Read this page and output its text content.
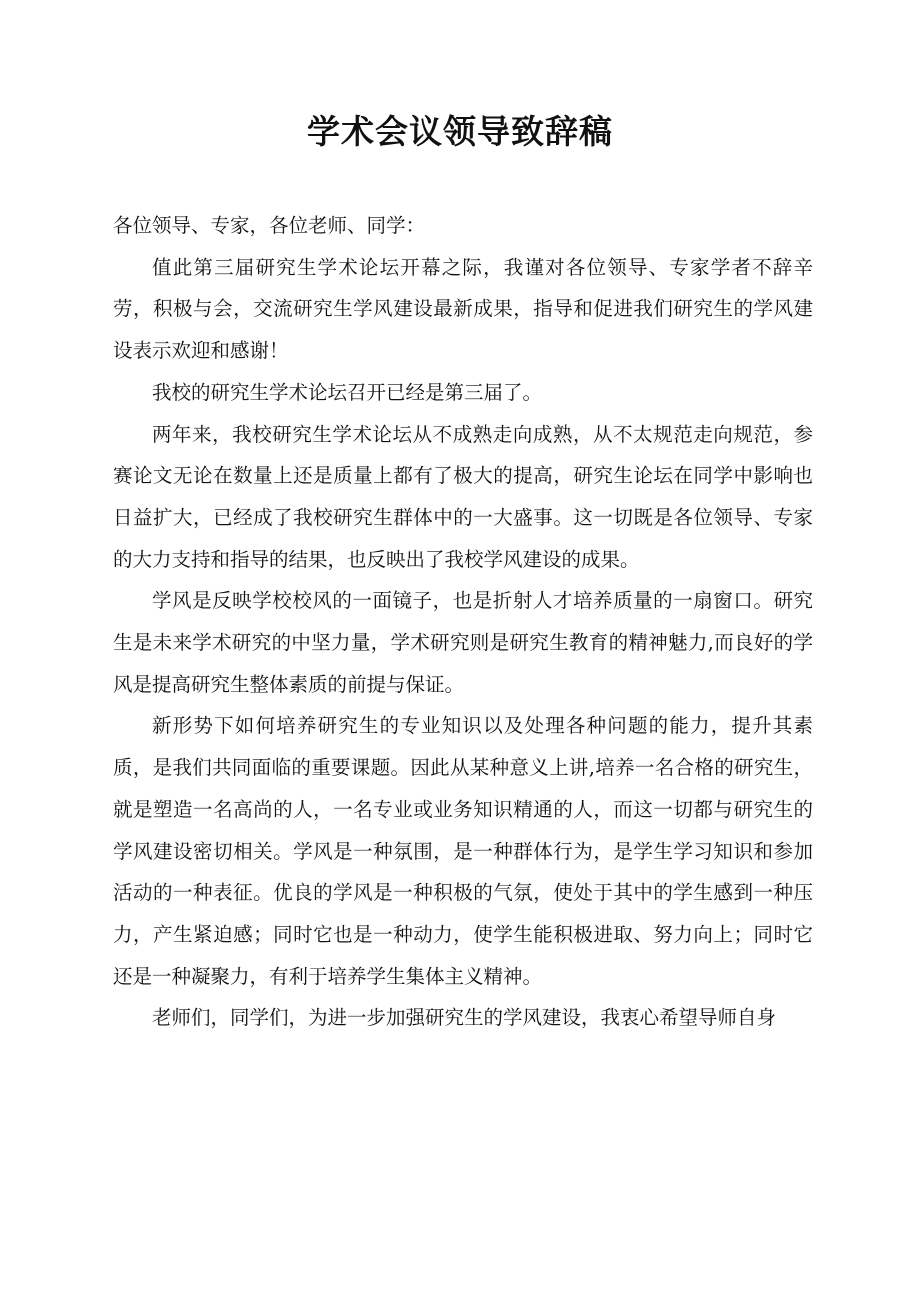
学术会议领导致辞稿

各位领导、专家，各位老师、同学：

值此第三届研究生学术论坛开幕之际，我谨对各位领导、专家学者不辞辛劳，积极与会，交流研究生学风建设最新成果，指导和促进我们研究生的学风建设表示欢迎和感谢！

我校的研究生学术论坛召开已经是第三届了。

两年来，我校研究生学术论坛从不成熟走向成熟，从不太规范走向规范，参赛论文无论在数量上还是质量上都有了极大的提高，研究生论坛在同学中影响也日益扩大，已经成了我校研究生群体中的一大盛事。这一切既是各位领导、专家的大力支持和指导的结果，也反映出了我校学风建设的成果。

学风是反映学校校风的一面镜子，也是折射人才培养质量的一扇窗口。研究生是未来学术研究的中坚力量，学术研究则是研究生教育的精神魅力,而良好的学风是提高研究生整体素质的前提与保证。

新形势下如何培养研究生的专业知识以及处理各种问题的能力，提升其素质，是我们共同面临的重要课题。因此从某种意义上讲,培养一名合格的研究生，就是塑造一名高尚的人，一名专业或业务知识精通的人，而这一切都与研究生的学风建设密切相关。学风是一种氛围，是一种群体行为，是学生学习知识和参加活动的一种表征。优良的学风是一种积极的气氛，使处于其中的学生感到一种压力，产生紧迫感；同时它也是一种动力，使学生能积极进取、努力向上；同时它还是一种凝聚力，有利于培养学生集体主义精神。

老师们，同学们，为进一步加强研究生的学风建设，我衷心希望导师自身
